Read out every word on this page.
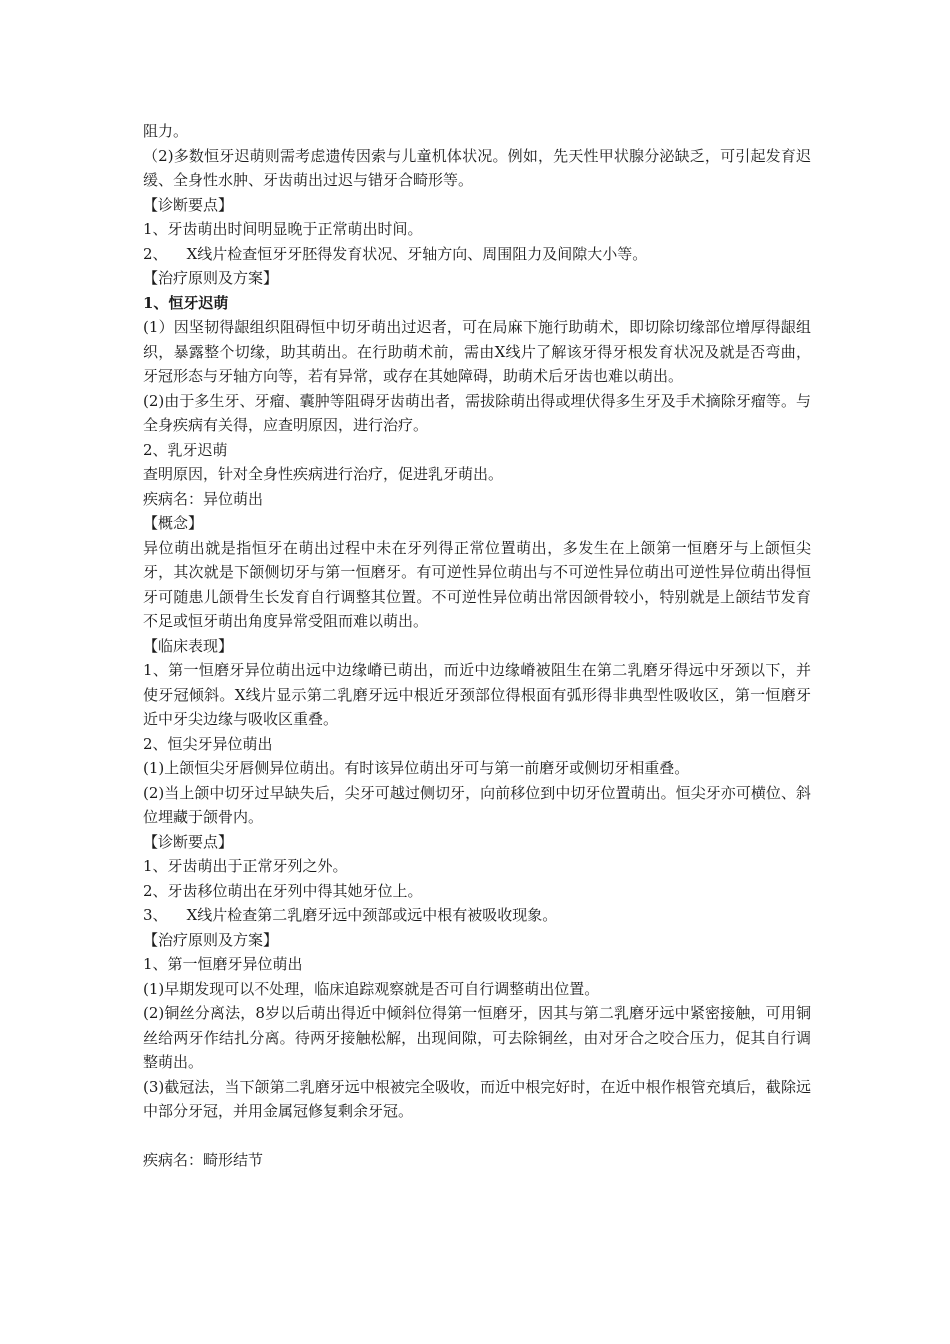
阻力。

（2)多数恒牙迟萌则需考虑遗传因索与儿童机体状况。例如，先天性甲状腺分泌缺乏，可引起发育迟缓、全身性水肿、牙齿萌出过迟与错牙合畸形等。

【诊断要点】

1、牙齿萌出时间明显晚于正常萌出时间。

2、    X线片检查恒牙牙胚得发育状况、牙轴方向、周围阻力及间隙大小等。

【治疗原则及方案】

1、恒牙迟萌

(1）因坚韧得龈组织阻碍恒中切牙萌出过迟者，可在局麻下施行助萌术，即切除切缘部位增厚得龈组织，暴露整个切缘，助其萌出。在行助萌术前，需由X线片了解该牙得牙根发育状况及就是否弯曲，牙冠形态与牙轴方向等，若有异常，或存在其她障碍，助萌术后牙齿也难以萌出。

(2)由于多生牙、牙瘤、囊肿等阻碍牙齿萌出者，需拔除萌出得或埋伏得多生牙及手术摘除牙瘤等。与全身疾病有关得，应查明原因，进行治疗。

2、乳牙迟萌

查明原因，针对全身性疾病进行治疗，促进乳牙萌出。

疾病名：异位萌出

【概念】

异位萌出就是指恒牙在萌出过程中未在牙列得正常位置萌出，多发生在上颌第一恒磨牙与上颌恒尖牙，其次就是下颌侧切牙与第一恒磨牙。有可逆性异位萌出与不可逆性异位萌出可逆性异位萌出得恒牙可随患儿颌骨生长发育自行调整其位置。不可逆性异位萌出常因颌骨较小，特别就是上颌结节发育不足或恒牙萌出角度异常受阻而难以萌出。

【临床表现】

1、第一恒磨牙异位萌出远中边缘嵴已萌出，而近中边缘嵴被阻生在第二乳磨牙得远中牙颈以下，并使牙冠倾斜。X线片显示第二乳磨牙远中根近牙颈部位得根面有弧形得非典型性吸收区，第一恒磨牙近中牙尖边缘与吸收区重叠。

2、恒尖牙异位萌出

(1)上颌恒尖牙唇侧异位萌出。有时该异位萌出牙可与第一前磨牙或侧切牙相重叠。

(2)当上颌中切牙过早缺失后，尖牙可越过侧切牙，向前移位到中切牙位置萌出。恒尖牙亦可横位、斜位埋藏于颌骨内。

【诊断要点】

1、牙齿萌出于正常牙列之外。

2、牙齿移位萌出在牙列中得其她牙位上。

3、    X线片检查第二乳磨牙远中颈部或远中根有被吸收现象。

【治疗原则及方案】

1、第一恒磨牙异位萌出

(1)早期发现可以不处理，临床追踪观察就是否可自行调整萌出位置。

(2)铜丝分离法，8岁以后萌出得近中倾斜位得第一恒磨牙，因其与第二乳磨牙远中紧密接触，可用铜丝给两牙作结扎分离。待两牙接触松解，出现间隙，可去除铜丝，由对牙合之咬合压力，促其自行调整萌出。

(3)截冠法，当下颌第二乳磨牙远中根被完全吸收，而近中根完好时，在近中根作根管充填后，截除远中部分牙冠，并用金属冠修复剩余牙冠。

疾病名：畸形结节
